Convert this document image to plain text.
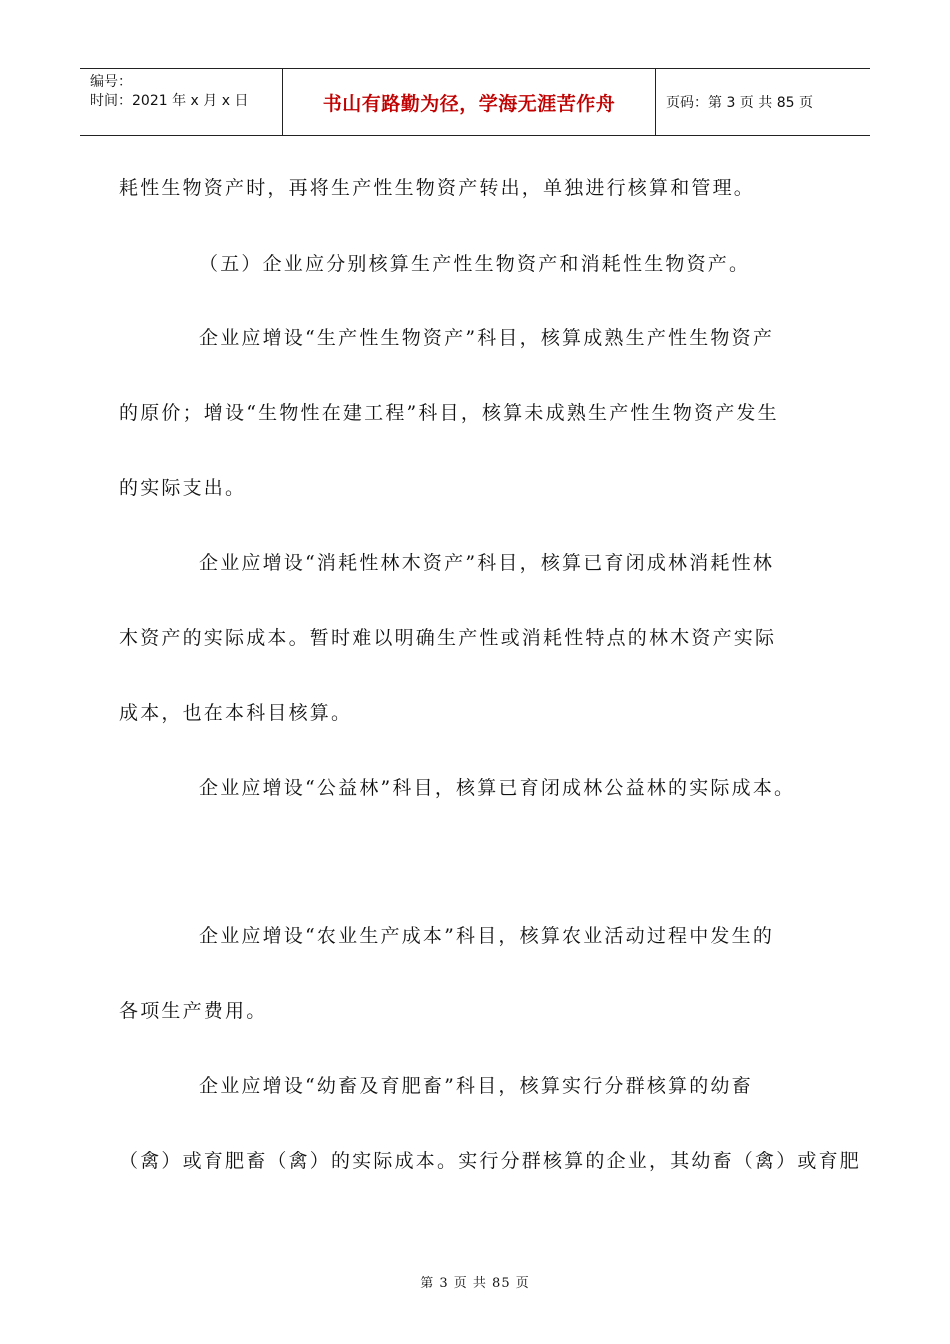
编号：
时间：2021 年 x 月 x 日	书山有路勤为径，学海无涯苦作舟	页码：第 3 页 共 85 页
耗性生物资产时，再将生产性生物资产转出，单独进行核算和管理。
（五）企业应分别核算生产性生物资产和消耗性生物资产。
企业应增设“生产性生物资产”科目，核算成熟生产性生物资产
的原价；增设“生物性在建工程”科目，核算未成熟生产性生物资产发生
的实际支出。
企业应增设“消耗性林木资产”科目，核算已育闭成林消耗性林
木资产的实际成本。暂时难以明确生产性或消耗性特点的林木资产实际
成本，也在本科目核算。
企业应增设“公益林”科目，核算已育闭成林公益林的实际成本。
企业应增设“农业生产成本”科目，核算农业活动过程中发生的
各项生产费用。
企业应增设“幼畜及育肥畜”科目，核算实行分群核算的幼畜
（禽）或育肥畜（禽）的实际成本。实行分群核算的企业，其幼畜（禽）或育肥
第 3 页 共 85 页
